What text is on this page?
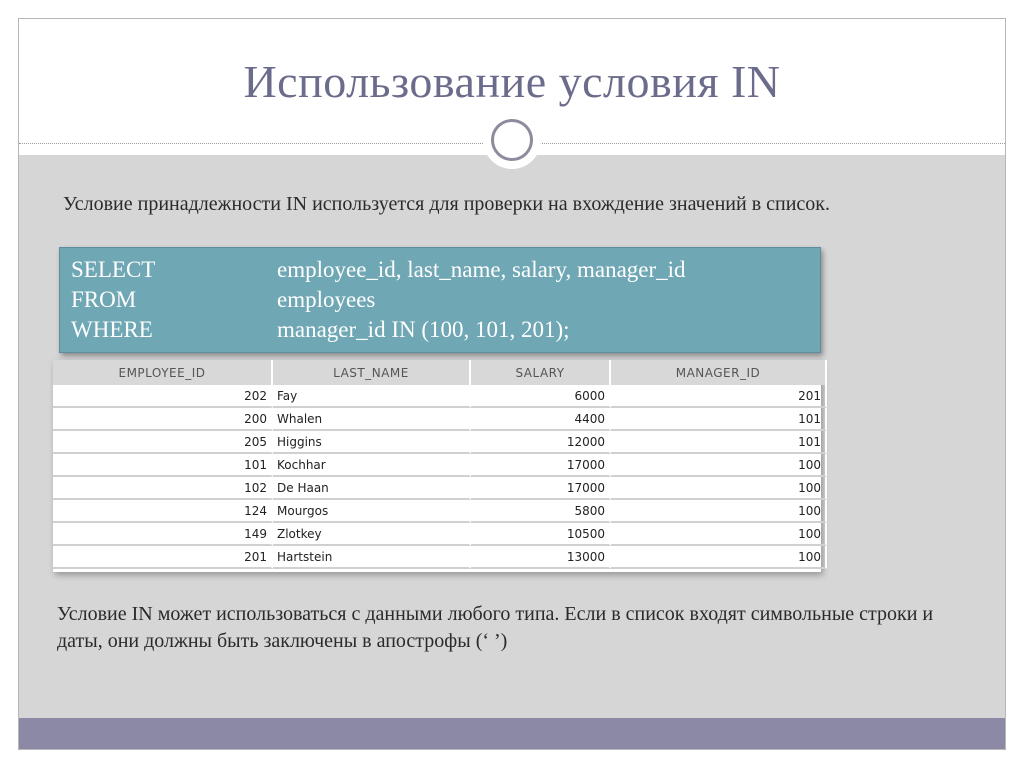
Использование условия IN
Условие принадлежности IN используется для проверки на вхождение значений в список.
SELECT	employee_id, last_name, salary, manager_id
FROM	employees
WHERE	manager_id IN (100, 101, 201);
EMPLOYEE_ID	LAST_NAME	SALARY	MANAGER_ID
202	Fay	6000	201
200	Whalen	4400	101
205	Higgins	12000	101
101	Kochhar	17000	100
102	De Haan	17000	100
124	Mourgos	5800	100
149	Zlotkey	10500	100
201	Hartstein	13000	100
Условие IN может использоваться с данными любого типа. Если в список входят символьные строки и даты, они должны быть заключены в апострофы (‘ ’)
